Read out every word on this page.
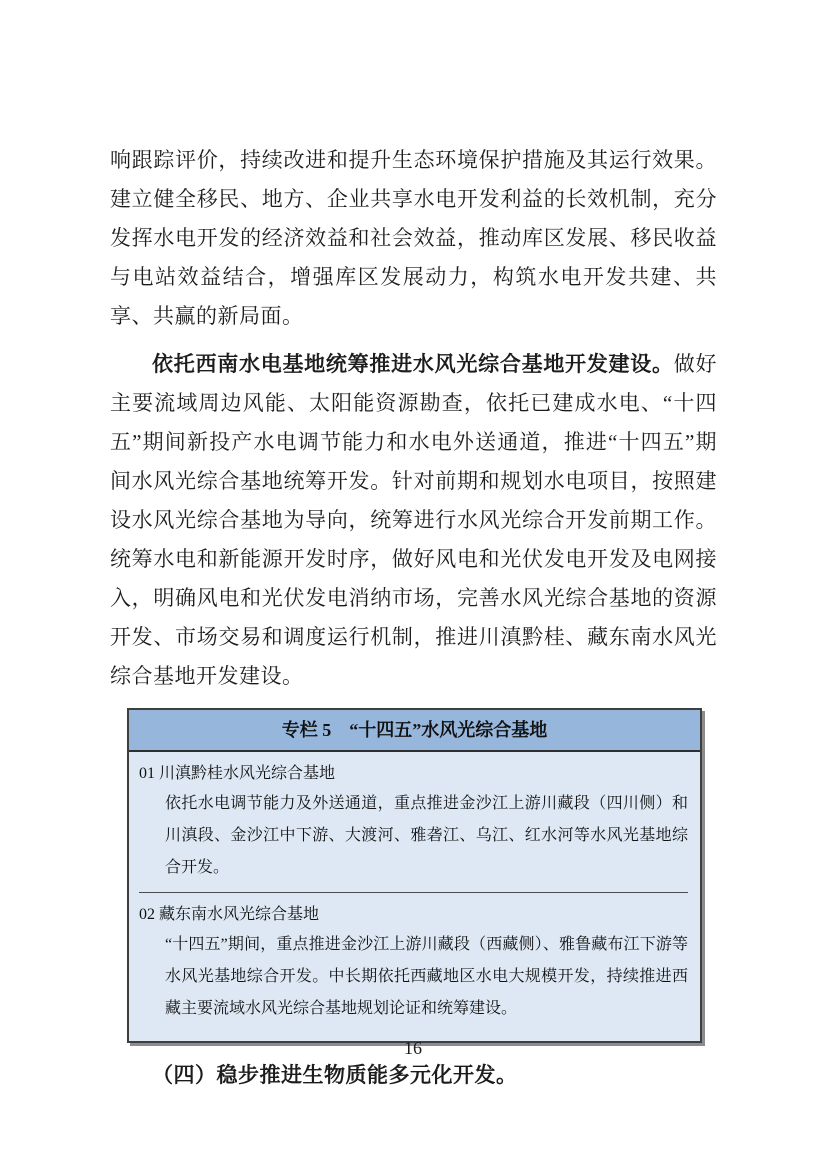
响跟踪评价，持续改进和提升生态环境保护措施及其运行效果。建立健全移民、地方、企业共享水电开发利益的长效机制，充分发挥水电开发的经济效益和社会效益，推动库区发展、移民收益与电站效益结合，增强库区发展动力，构筑水电开发共建、共享、共赢的新局面。

依托西南水电基地统筹推进水风光综合基地开发建设。做好主要流域周边风能、太阳能资源勘查，依托已建成水电、“十四五”期间新投产水电调节能力和水电外送通道，推进“十四五”期间水风光综合基地统筹开发。针对前期和规划水电项目，按照建设水风光综合基地为导向，统筹进行水风光综合开发前期工作。统筹水电和新能源开发时序，做好风电和光伏发电开发及电网接入，明确风电和光伏发电消纳市场，完善水风光综合基地的资源开发、市场交易和调度运行机制，推进川滇黔桂、藏东南水风光综合基地开发建设。

专栏 5　“十四五”水风光综合基地
01 川滇黔桂水风光综合基地
依托水电调节能力及外送通道，重点推进金沙江上游川藏段（四川侧）和川滇段、金沙江中下游、大渡河、雅砻江、乌江、红水河等水风光基地综合开发。
02 藏东南水风光综合基地
“十四五”期间，重点推进金沙江上游川藏段（西藏侧）、雅鲁藏布江下游等水风光基地综合开发。中长期依托西藏地区水电大规模开发，持续推进西藏主要流域水风光综合基地规划论证和统筹建设。

（四）稳步推进生物质能多元化开发。

16
